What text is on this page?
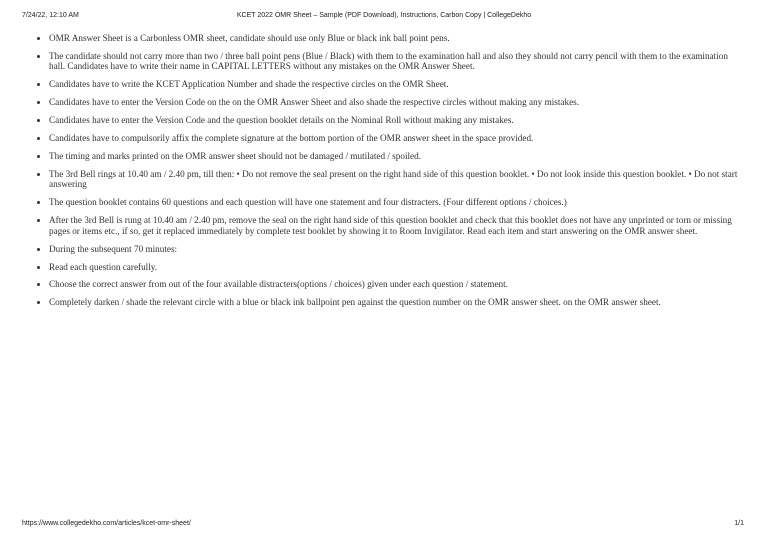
7/24/22, 12:10 AM	KCET 2022 OMR Sheet – Sample (PDF Download), Instructions, Carbon Copy | CollegeDekho
OMR Answer Sheet is a Carbonless OMR sheet, candidate should use only Blue or black ink ball point pens.
The candidate should not carry more than two / three ball point pens (Blue / Black) with them to the examination hall and also they should not carry pencil with them to the examination hall. Candidates have to write their name in CAPITAL LETTERS without any mistakes on the OMR Answer Sheet.
Candidates have to write the KCET Application Number and shade the respective circles on the OMR Sheet.
Candidates have to enter the Version Code on the on the OMR Answer Sheet and also shade the respective circles without making any mistakes.
Candidates have to enter the Version Code and the question booklet details on the Nominal Roll without making any mistakes.
Candidates have to compulsorily affix the complete signature at the bottom portion of the OMR answer sheet in the space provided.
The timing and marks printed on the OMR answer sheet should not be damaged / mutilated / spoiled.
The 3rd Bell rings at 10.40 am / 2.40 pm, till then: • Do not remove the seal present on the right hand side of this question booklet. • Do not look inside this question booklet. • Do not start answering
The question booklet contains 60 questions and each question will have one statement and four distracters. (Four different options / choices.)
After the 3rd Bell is rung at 10.40 am / 2.40 pm, remove the seal on the right hand side of this question booklet and check that this booklet does not have any unprinted or torn or missing pages or items etc., if so, get it replaced immediately by complete test booklet by showing it to Room Invigilator. Read each item and start answering on the OMR answer sheet.
During the subsequent 70 minutes:
Read each question carefully.
Choose the correct answer from out of the four available distracters(options / choices) given under each question / statement.
Completely darken / shade the relevant circle with a blue or black ink ballpoint pen against the question number on the OMR answer sheet. on the OMR answer sheet.
https://www.collegedekho.com/articles/kcet-omr-sheet/	1/1
